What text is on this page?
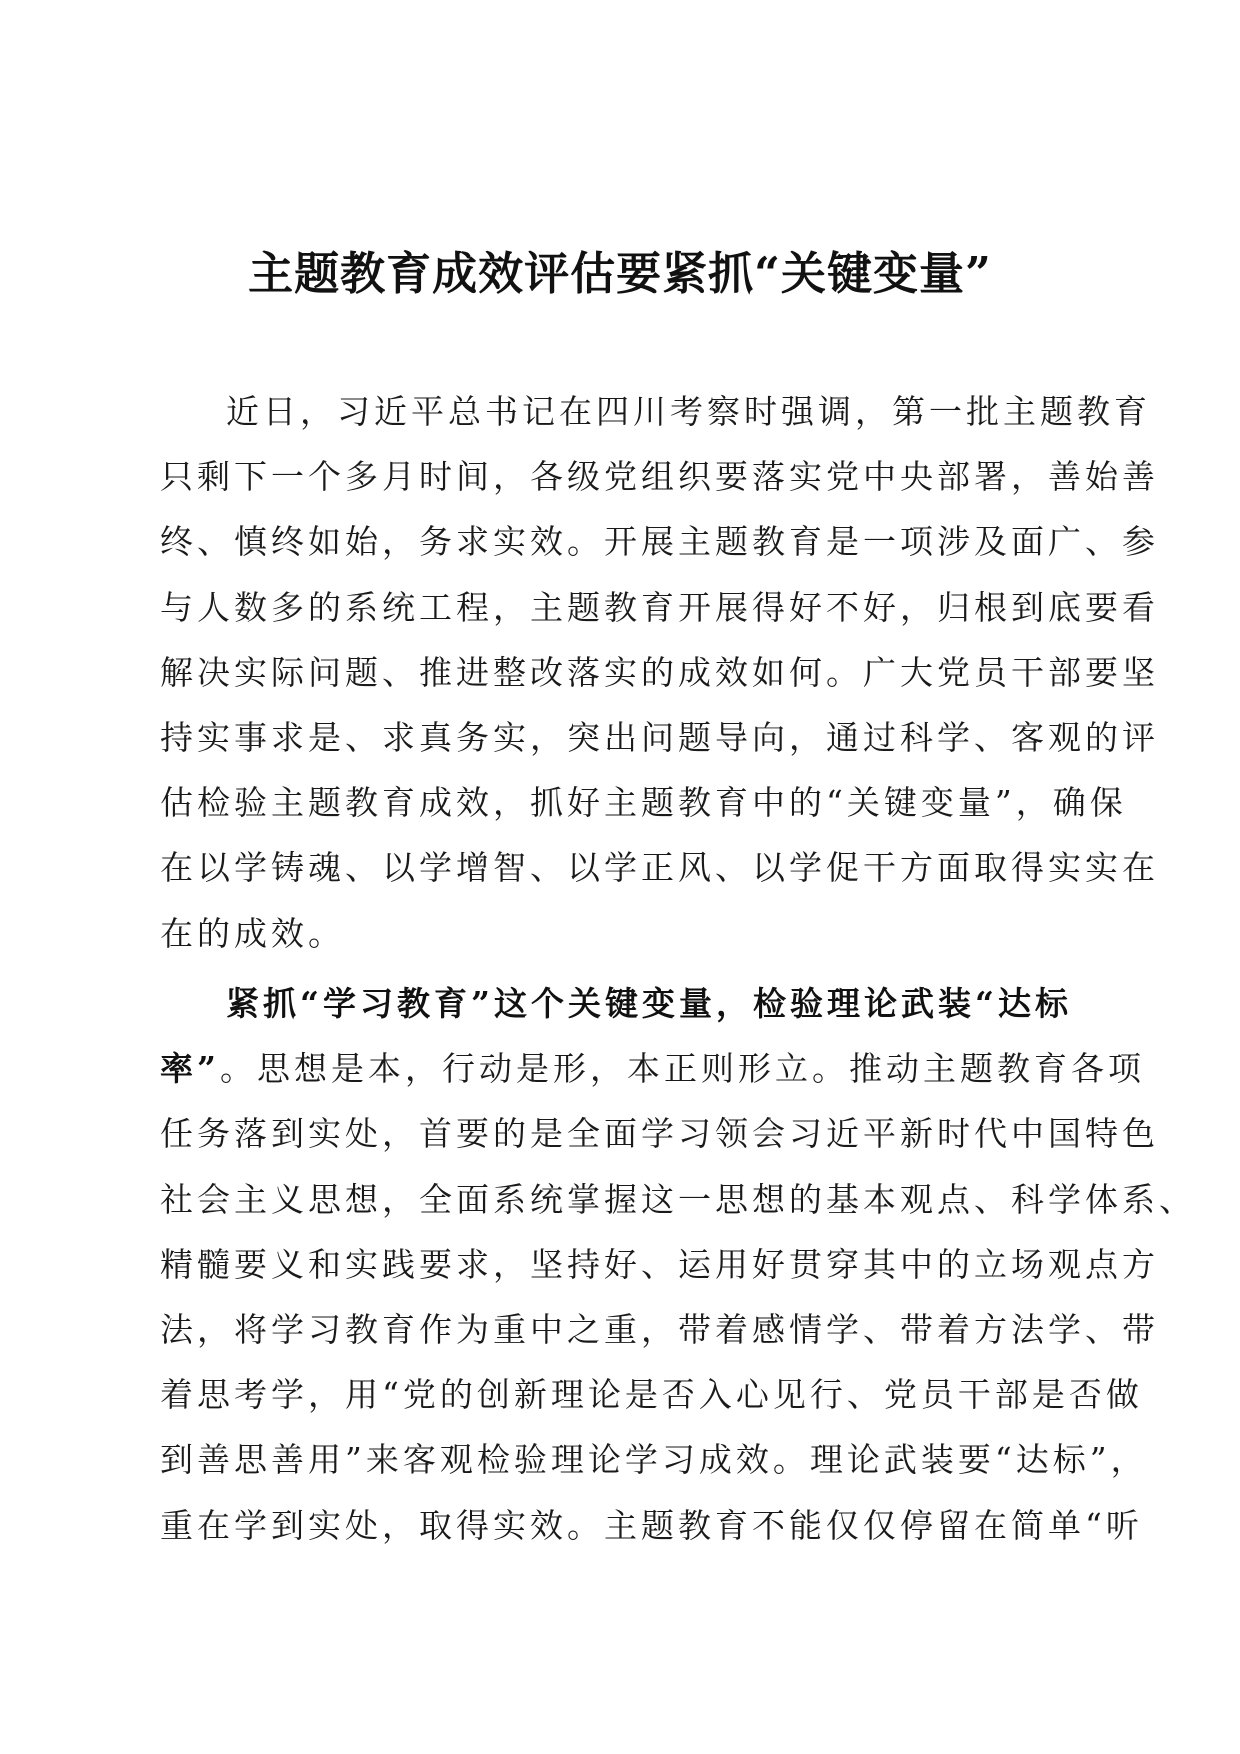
主题教育成效评估要紧抓“关键变量”
近日，习近平总书记在四川考察时强调，第一批主题教育
只剩下一个多月时间，各级党组织要落实党中央部署，善始善
终、慎终如始，务求实效。开展主题教育是一项涉及面广、参
与人数多的系统工程，主题教育开展得好不好，归根到底要看
解决实际问题、推进整改落实的成效如何。广大党员干部要坚
持实事求是、求真务实，突出问题导向，通过科学、客观的评
估检验主题教育成效，抓好主题教育中的“关键变量”，确保
在以学铸魂、以学增智、以学正风、以学促干方面取得实实在
在的成效。
紧抓“学习教育”这个关键变量，检验理论武装“达标
率”。思想是本，行动是形，本正则形立。推动主题教育各项
任务落到实处，首要的是全面学习领会习近平新时代中国特色
社会主义思想，全面系统掌握这一思想的基本观点、科学体系、
精髓要义和实践要求，坚持好、运用好贯穿其中的立场观点方
法，将学习教育作为重中之重，带着感情学、带着方法学、带
着思考学，用“党的创新理论是否入心见行、党员干部是否做
到善思善用”来客观检验理论学习成效。理论武装要“达标”，
重在学到实处，取得实效。主题教育不能仅仅停留在简单“听
